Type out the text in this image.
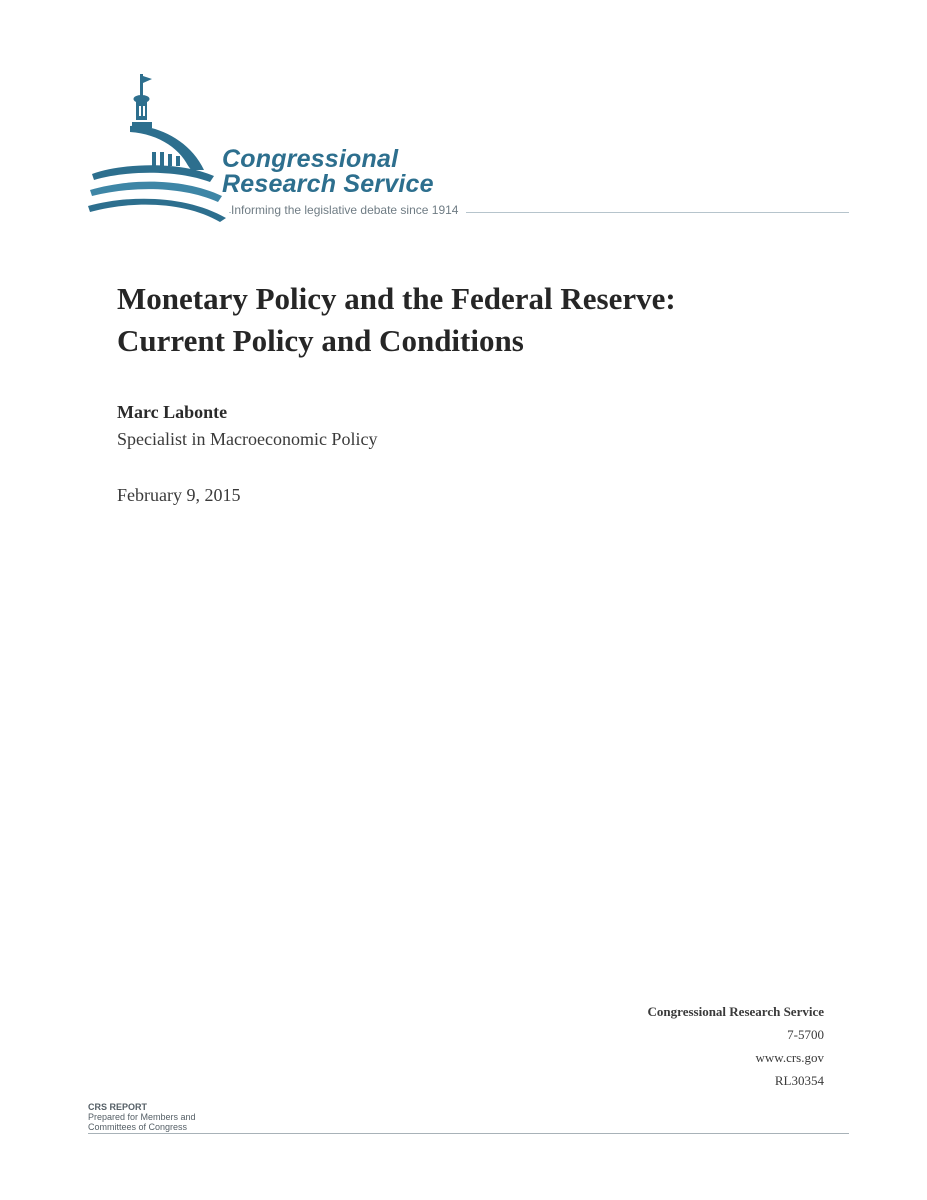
Congressional
Research Service
Informing the legislative debate since 1914
Monetary Policy and the Federal Reserve:
Current Policy and Conditions
Marc Labonte
Specialist in Macroeconomic Policy
February 9, 2015
Congressional Research Service
7-5700
www.crs.gov
RL30354
CRS REPORT
Prepared for Members and
Committees of Congress
